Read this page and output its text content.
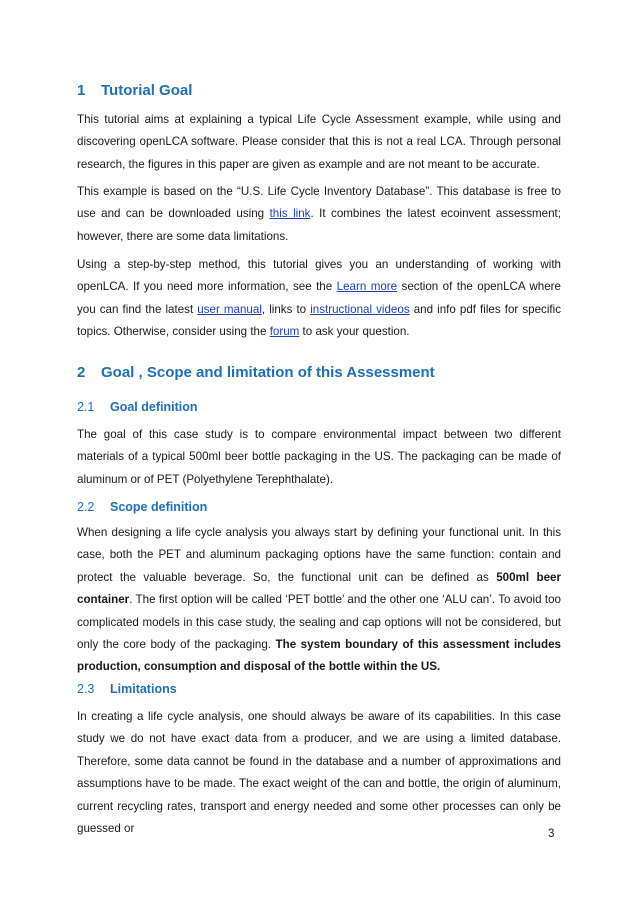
1 Tutorial Goal

This tutorial aims at explaining a typical Life Cycle Assessment example, while using and discovering openLCA software. Please consider that this is not a real LCA. Through personal research, the figures in this paper are given as example and are not meant to be accurate.

This example is based on the “U.S. Life Cycle Inventory Database”. This database is free to use and can be downloaded using this link. It combines the latest ecoinvent assessment; however, there are some data limitations.

Using a step-by-step method, this tutorial gives you an understanding of working with openLCA. If you need more information, see the Learn more section of the openLCA where you can find the latest user manual, links to instructional videos and info pdf files for specific topics. Otherwise, consider using the forum to ask your question.

2 Goal , Scope and limitation of this Assessment
2.1 Goal definition

The goal of this case study is to compare environmental impact between two different materials of a typical 500ml beer bottle packaging in the US. The packaging can be made of aluminum or of PET (Polyethylene Terephthalate).

2.2 Scope definition

When designing a life cycle analysis you always start by defining your functional unit. In this case, both the PET and aluminum packaging options have the same function: contain and protect the valuable beverage. So, the functional unit can be defined as 500ml beer container. The first option will be called ‘PET bottle’ and the other one ‘ALU can’. To avoid too complicated models in this case study, the sealing and cap options will not be considered, but only the core body of the packaging. The system boundary of this assessment includes production, consumption and disposal of the bottle within the US.

2.3 Limitations

In creating a life cycle analysis, one should always be aware of its capabilities. In this case study we do not have exact data from a producer, and we are using a limited database. Therefore, some data cannot be found in the database and a number of approximations and assumptions have to be made. The exact weight of the can and bottle, the origin of aluminum, current recycling rates, transport and energy needed and some other processes can only be guessed or	3
